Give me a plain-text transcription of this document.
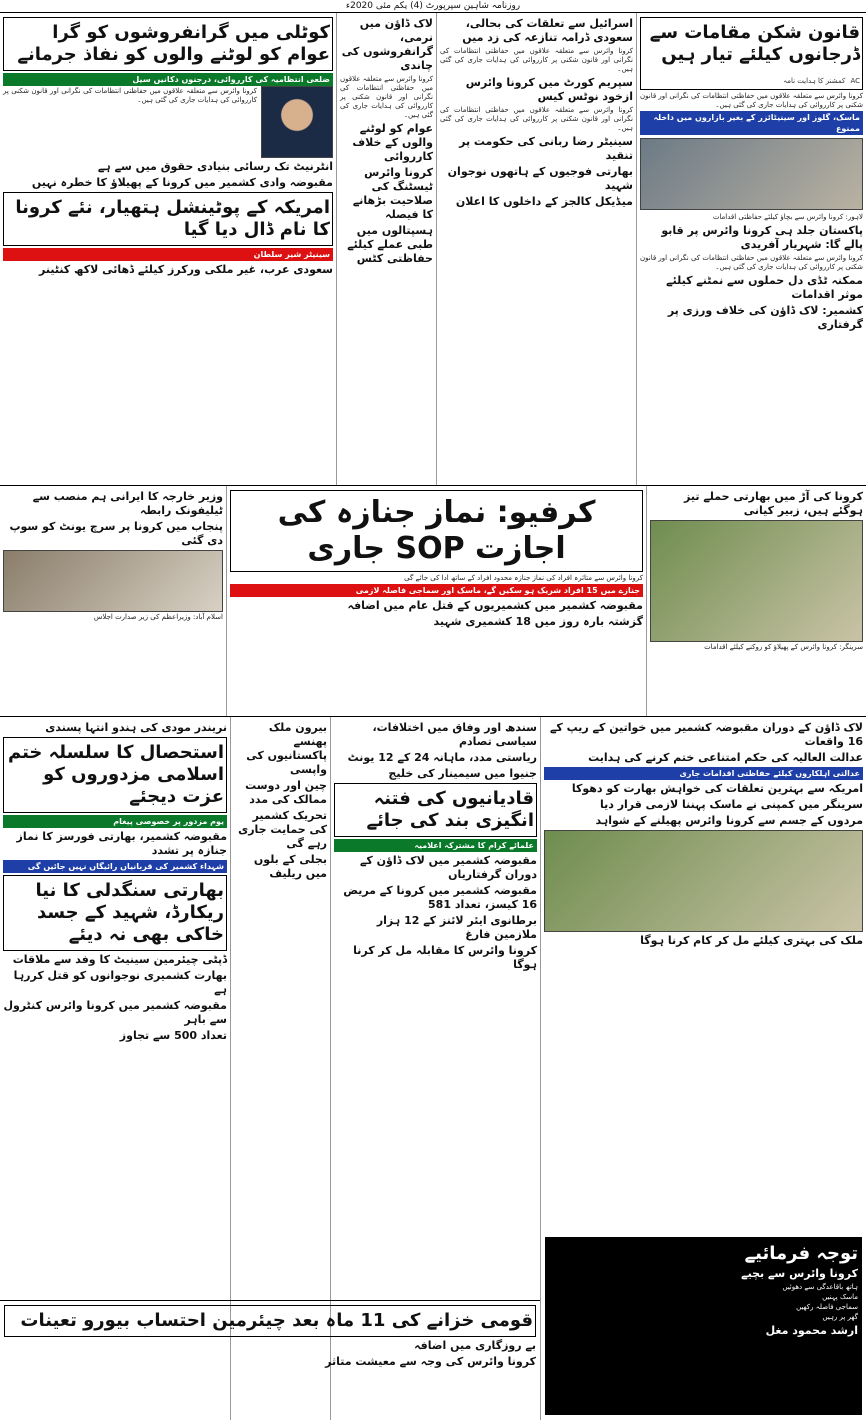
روزنامہ شاہین سپرپورٹ (4) یکم مئی 2020ء
قانون شکن مقامات سے ڈرجانوں کیلئے تیار ہیں
AC کمشنر کا ہدایت نامہ
کرونا وائرس سے متعلقہ علاقوں میں حفاظتی انتظامات کی نگرانی اور قانون شکنی پر کارروائی کی ہدایات جاری کی گئی ہیں۔
ماسک، گلوز اور سینیٹائزر کے بغیر بازاروں میں داخلہ ممنوع
لاہور: کرونا وائرس سے بچاؤ کیلئے حفاظتی اقدامات
پاکستان جلد ہی کرونا وائرس پر قابو پالے گا: شہریار آفریدی
کرونا وائرس سے متعلقہ علاقوں میں حفاظتی انتظامات کی نگرانی اور قانون شکنی پر کارروائی کی ہدایات جاری کی گئی ہیں۔
ممکنہ ٹڈی دل حملوں سے نمٹنے کیلئے موثر اقدامات
کشمیر: لاک ڈاؤن کی خلاف ورزی پر گرفتاری
اسرائیل سے تعلقات کی بحالی، سعودی ڈرامہ تنازعہ کی زد میں
کرونا وائرس سے متعلقہ علاقوں میں حفاظتی انتظامات کی نگرانی اور قانون شکنی پر کارروائی کی ہدایات جاری کی گئی ہیں۔
سپریم کورٹ میں کرونا وائرس ازخود نوٹس کیس
کرونا وائرس سے متعلقہ علاقوں میں حفاظتی انتظامات کی نگرانی اور قانون شکنی پر کارروائی کی ہدایات جاری کی گئی ہیں۔
سینیٹر رضا ربانی کی حکومت پر تنقید
بھارتی فوجیوں کے ہاتھوں نوجوان شہید
میڈیکل کالجز کے داخلوں کا اعلان
لاک ڈاؤن میں نرمی، گرانفروشوں کی چاندی
کرونا وائرس سے متعلقہ علاقوں میں حفاظتی انتظامات کی نگرانی اور قانون شکنی پر کارروائی کی ہدایات جاری کی گئی ہیں۔
عوام کو لوٹنے والوں کے خلاف کارروائی
کرونا وائرس ٹیسٹنگ کی صلاحیت بڑھانے کا فیصلہ
ہسپتالوں میں طبی عملے کیلئے حفاظتی کٹس
کوٹلی میں گرانفروشوں کو گرا عوام کو لوٹنے والوں کو نفاذ جرمانے
ضلعی انتظامیہ کی کارروائی، درجنوں دکانیں سیل
کرونا وائرس سے متعلقہ علاقوں میں حفاظتی انتظامات کی نگرانی اور قانون شکنی پر کارروائی کی ہدایات جاری کی گئی ہیں۔
انٹرنیٹ تک رسائی بنیادی حقوق میں سے ہے
مقبوضہ وادی کشمیر میں کرونا کے پھیلاؤ کا خطرہ نہیں
امریکہ کے پوٹینشل ہتھیار، نئے کرونا کا نام ڈال دیا گیا
سینیٹر شیر سلطان
سعودی عرب، غیر ملکی ورکرز کیلئے ڈھائی لاکھ کنٹینر
کرونا کی آڑ میں بھارتی حملے تیز ہوگئے ہیں، زبیر کیانی
سرینگر: کرونا وائرس کے پھیلاؤ کو روکنے کیلئے اقدامات
کرفیو: نماز جنازہ کی اجازت SOP جاری
کرونا وائرس سے متاثرہ افراد کی نماز جنازہ محدود افراد کے ساتھ ادا کی جائے گی
جنازے میں 15 افراد شریک ہو سکیں گے، ماسک اور سماجی فاصلہ لازمی
مقبوضہ کشمیر میں کشمیریوں کے قتل عام میں اضافہ
گزشتہ بارہ روز میں 18 کشمیری شہید
وزیر خارجہ کا ایرانی ہم منصب سے ٹیلیفونک رابطہ
پنجاب میں کرونا پر سرچ یونٹ کو سوپ دی گئی
اسلام آباد: وزیراعظم کی زیر صدارت اجلاس
لاک ڈاؤن کے دوران مقبوضہ کشمیر میں خواتین کے ریپ کے 16 واقعات
عدالت العالیہ کی حکم امتناعی ختم کرنے کی ہدایت
عدالتی اہلکاروں کیلئے حفاظتی اقدامات جاری
امریکہ سے بہترین تعلقات کی خواہش بھارت کو دھوکا
سرینگر میں کمپنی نے ماسک پہننا لازمی قرار دیا
مردوں کے جسم سے کرونا وائرس پھیلنے کے شواہد
ملک کی بہتری کیلئے مل کر کام کرنا ہوگا
توجہ فرمائیے
کرونا وائرس سے بچیے
ہاتھ باقاعدگی سے دھوئیں
ماسک پہنیں
سماجی فاصلہ رکھیں
گھر پر رہیں
ارشد محمود مغل
سندھ اور وفاق میں اختلافات، سیاسی تصادم
ریاستی مدد، ماہانہ 24 کے 12 یونٹ
جنیوا میں سیمینار کی خلیج
قادیانیوں کی فتنہ انگیزی بند کی جائے
علمائے کرام کا مشترکہ اعلامیہ
مقبوضہ کشمیر میں لاک ڈاؤن کے دوران گرفتاریاں
مقبوضہ کشمیر میں کرونا کے مریض 16 کیسز، تعداد 581
برطانوی ایئر لائنز کے 12 ہزار ملازمین فارغ
کرونا وائرس کا مقابلہ مل کر کرنا ہوگا
بیرون ملک پھنسے پاکستانیوں کی واپسی
چین اور دوست ممالک کی مدد
تحریک کشمیر کی حمایت جاری رہے گی
بجلی کے بلوں میں ریلیف
نریندر مودی کی ہندو انتہا پسندی
استحصال کا سلسلہ ختم اسلامی مزدوروں کو عزت دیجئے
یوم مزدور پر خصوصی پیغام
مقبوضہ کشمیر، بھارتی فورسز کا نماز جنازہ پر تشدد
شہداء کشمیر کی قربانیاں رائیگاں نہیں جائیں گی
بھارتی سنگدلی کا نیا ریکارڈ، شہید کے جسد خاکی بھی نہ دیئے
ڈپٹی چیئرمین سینیٹ کا وفد سے ملاقات
بھارت کشمیری نوجوانوں کو قتل کررہا ہے
مقبوضہ کشمیر میں کرونا وائرس کنٹرول سے باہر
تعداد 500 سے تجاوز
قومی خزانے کی 11 ماہ بعد چیئرمین احتساب بیورو تعینات
بے روزگاری میں اضافہ
کرونا وائرس کی وجہ سے معیشت متاثر
